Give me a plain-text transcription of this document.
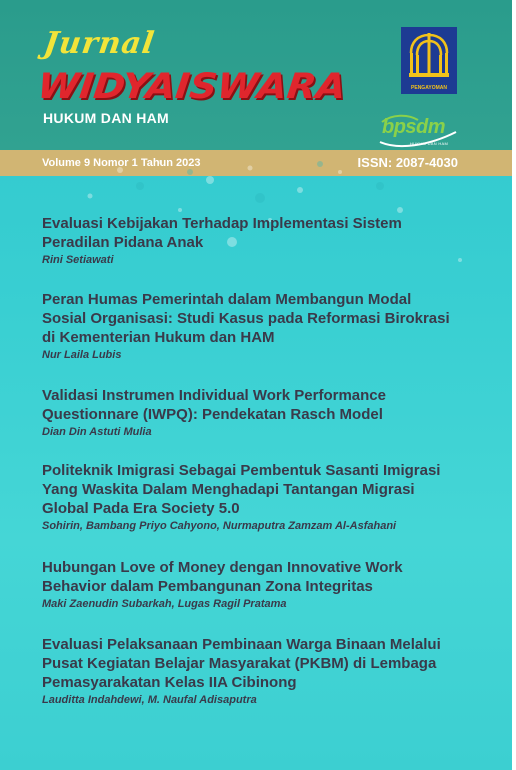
Jurnal
WIDYAISWARA
HUKUM DAN HAM
PENGAYOMAN
bpsdm
HUKUM DAN HAM
Volume 9 Nomor 1 Tahun 2023	ISSN: 2087-4030
Evaluasi Kebijakan Terhadap Implementasi Sistem
Peradilan Pidana Anak
Rini Setiawati
Peran Humas Pemerintah dalam Membangun Modal
Sosial Organisasi: Studi Kasus pada Reformasi Birokrasi
di Kementerian Hukum dan HAM
Nur Laila Lubis
Validasi Instrumen Individual Work Performance
Questionnare (IWPQ): Pendekatan Rasch Model
Dian Din Astuti Mulia
Politeknik Imigrasi Sebagai Pembentuk Sasanti Imigrasi
Yang Waskita Dalam Menghadapi Tantangan Migrasi
Global Pada Era Society 5.0
Sohirin, Bambang Priyo Cahyono, Nurmaputra Zamzam Al-Asfahani
Hubungan Love of Money dengan Innovative Work
Behavior dalam Pembangunan Zona Integritas
Maki Zaenudin Subarkah, Lugas Ragil Pratama
Evaluasi Pelaksanaan Pembinaan Warga Binaan Melalui
Pusat Kegiatan Belajar Masyarakat (PKBM) di Lembaga
Pemasyarakatan Kelas IIA Cibinong
Lauditta Indahdewi, M. Naufal Adisaputra
